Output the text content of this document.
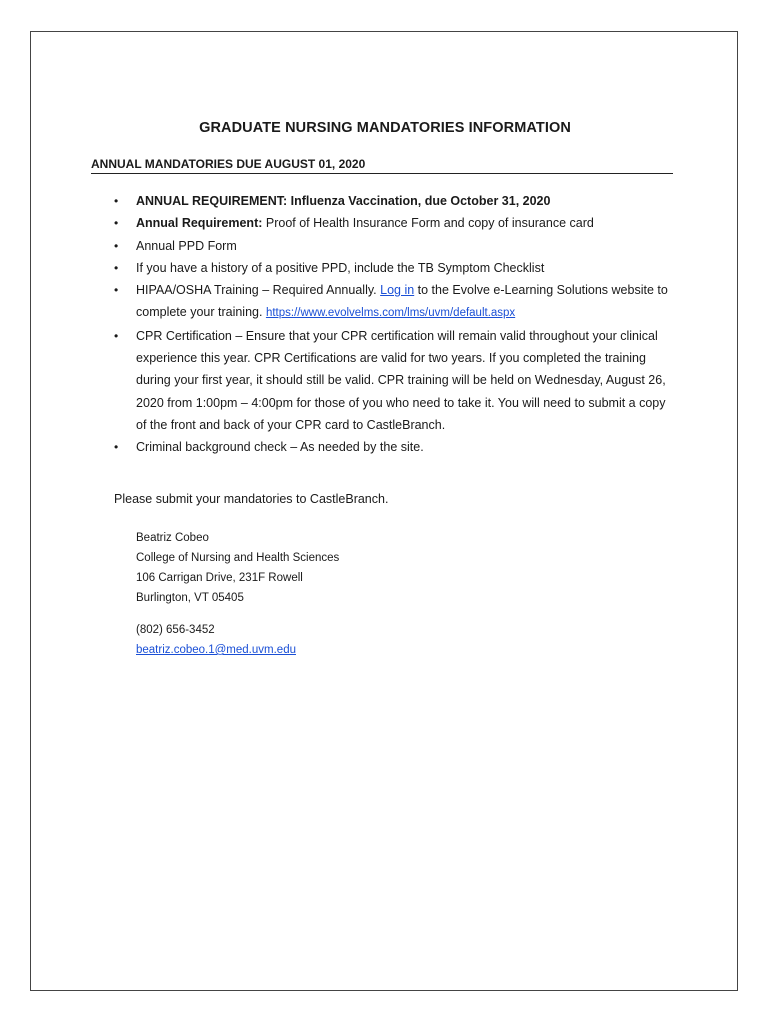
GRADUATE NURSING MANDATORIES INFORMATION
ANNUAL MANDATORIES DUE AUGUST 01, 2020
• ANNUAL REQUIREMENT: Influenza Vaccination, due October 31, 2020
• Annual Requirement: Proof of Health Insurance Form and copy of insurance card
• Annual PPD Form
• If you have a history of a positive PPD, include the TB Symptom Checklist
• HIPAA/OSHA Training – Required Annually. Log in to the Evolve e-Learning Solutions website to complete your training. https://www.evolvelms.com/lms/uvm/default.aspx
• CPR Certification – Ensure that your CPR certification will remain valid throughout your clinical experience this year. CPR Certifications are valid for two years. If you completed the training during your first year, it should still be valid. CPR training will be held on Wednesday, August 26, 2020 from 1:00pm – 4:00pm for those of you who need to take it. You will need to submit a copy of the front and back of your CPR card to CastleBranch.
• Criminal background check – As needed by the site.
Please submit your mandatories to CastleBranch.
Beatriz Cobeo
College of Nursing and Health Sciences
106 Carrigan Drive, 231F Rowell
Burlington, VT 05405
(802) 656-3452
beatriz.cobeo.1@med.uvm.edu
